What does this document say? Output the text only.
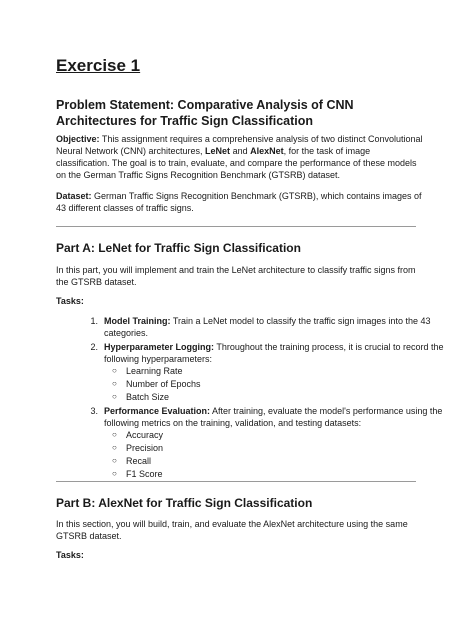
Exercise 1
Problem Statement: Comparative Analysis of CNN Architectures for Traffic Sign Classification
Objective: This assignment requires a comprehensive analysis of two distinct Convolutional Neural Network (CNN) architectures, LeNet and AlexNet, for the task of image classification. The goal is to train, evaluate, and compare the performance of these models on the German Traffic Signs Recognition Benchmark (GTSRB) dataset.
Dataset: German Traffic Signs Recognition Benchmark (GTSRB), which contains images of 43 different classes of traffic signs.
Part A: LeNet for Traffic Sign Classification
In this part, you will implement and train the LeNet architecture to classify traffic signs from the GTSRB dataset.
Tasks:
1. Model Training: Train a LeNet model to classify the traffic sign images into the 43 categories.
2. Hyperparameter Logging: Throughout the training process, it is crucial to record the following hyperparameters:
○ Learning Rate
○ Number of Epochs
○ Batch Size
3. Performance Evaluation: After training, evaluate the model's performance using the following metrics on the training, validation, and testing datasets:
○ Accuracy
○ Precision
○ Recall
○ F1 Score
Part B: AlexNet for Traffic Sign Classification
In this section, you will build, train, and evaluate the AlexNet architecture using the same GTSRB dataset.
Tasks:
